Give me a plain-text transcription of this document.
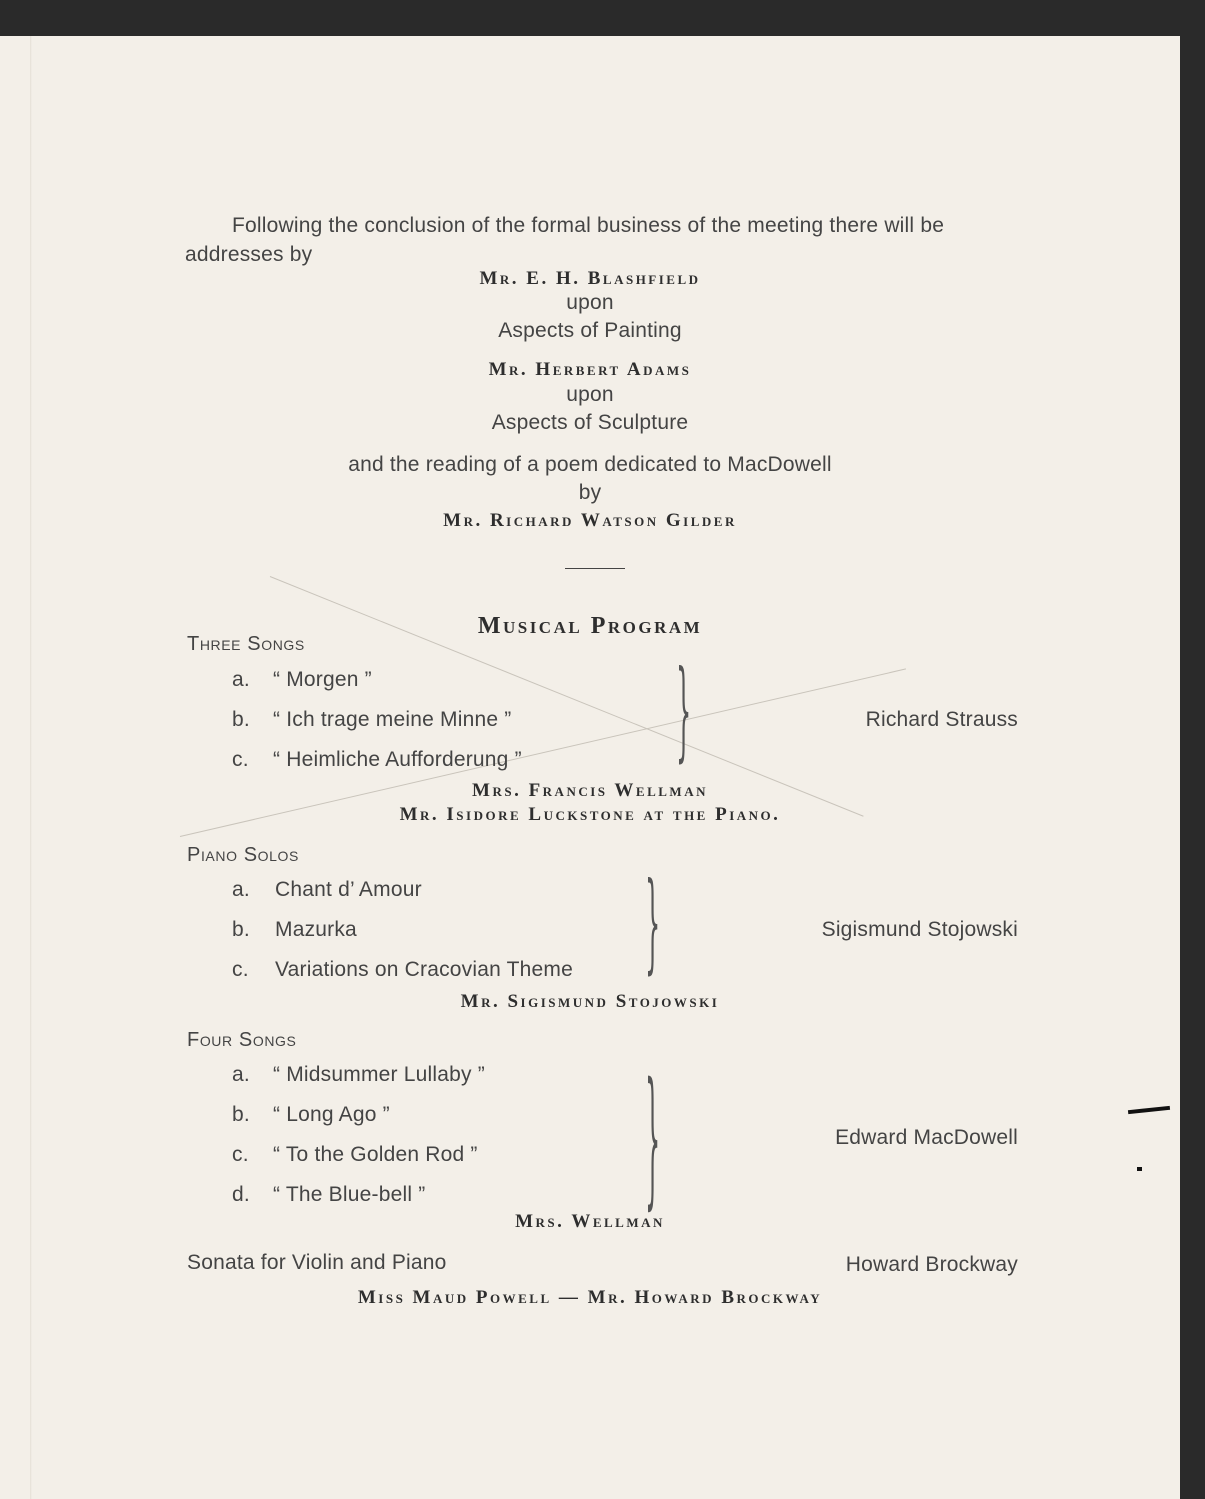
Following the conclusion of the formal business of the meeting there will be
addresses by
Mr. E. H. Blashfield
upon
Aspects of Painting
Mr. Herbert Adams
upon
Aspects of Sculpture
and the reading of a poem dedicated to MacDowell
by
Mr. Richard Watson Gilder
Musical Program
Three Songs
a. “ Morgen ”
b. “ Ich trage meine Minne ”
c. “ Heimliche Aufforderung ”	}	Richard Strauss
Mrs. Francis Wellman
Mr. Isidore Luckstone at the Piano.
Piano Solos
a. Chant d’ Amour
b. Mazurka
c. Variations on Cracovian Theme }	Sigismund Stojowski
Mr. Sigismund Stojowski
Four Songs
a. “ Midsummer Lullaby ”
b. “ Long Ago ”
c. “ To the Golden Rod ”
d. “ The Blue-bell ”	}	Edward MacDowell
Mrs. Wellman
Sonata for Violin and Piano	Howard Brockway
Miss Maud Powell — Mr. Howard Brockway
